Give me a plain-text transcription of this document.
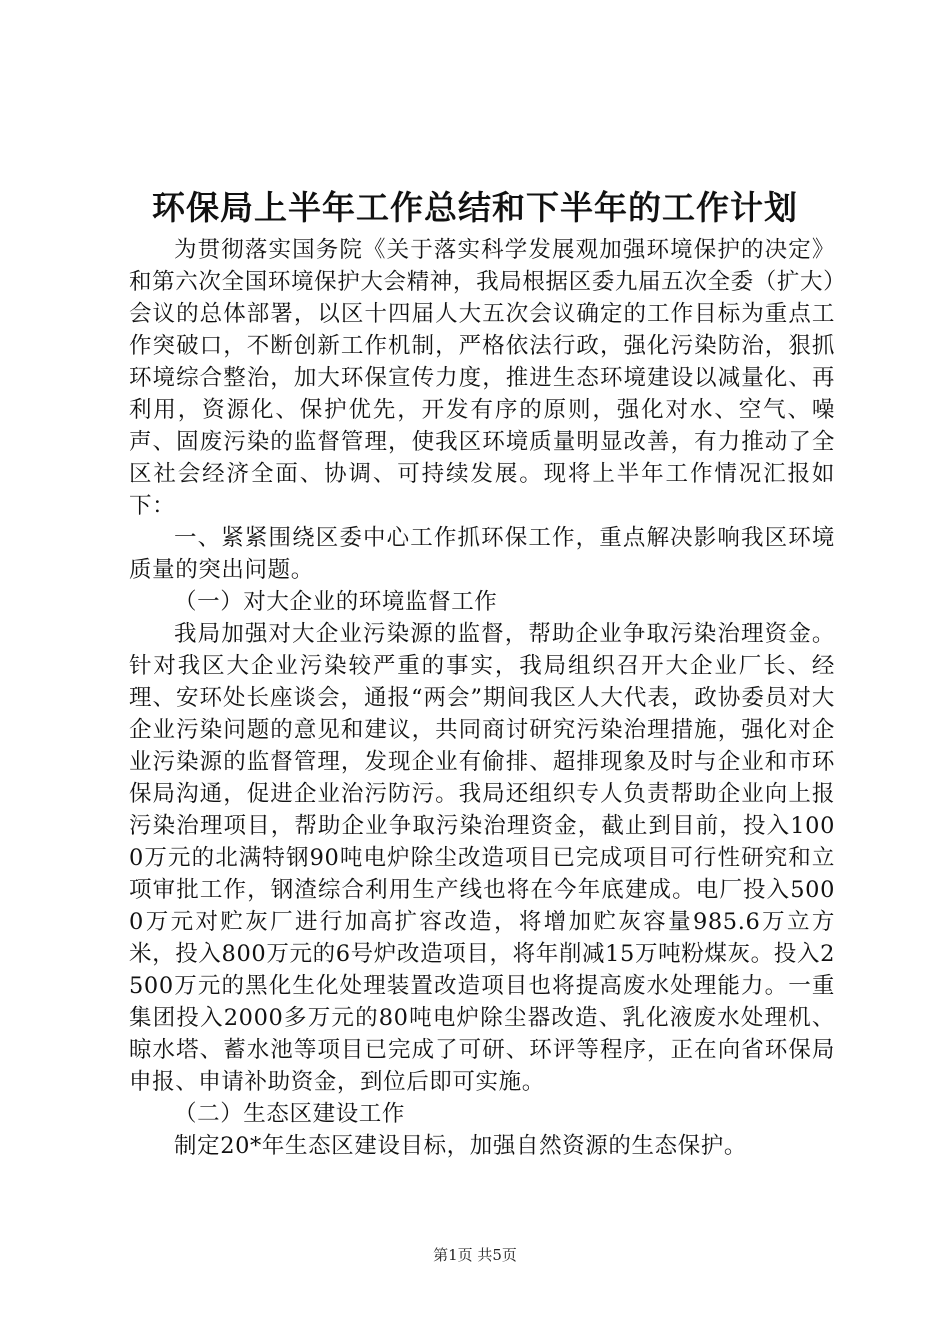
环保局上半年工作总结和下半年的工作计划

为贯彻落实国务院《关于落实科学发展观加强环境保护的决定》和第六次全国环境保护大会精神，我局根据区委九届五次全委（扩大）会议的总体部署，以区十四届人大五次会议确定的工作目标为重点工作突破口，不断创新工作机制，严格依法行政，强化污染防治，狠抓环境综合整治，加大环保宣传力度，推进生态环境建设以减量化、再利用，资源化、保护优先，开发有序的原则，强化对水、空气、噪声、固废污染的监督管理，使我区环境质量明显改善，有力推动了全区社会经济全面、协调、可持续发展。现将上半年工作情况汇报如下：

一、紧紧围绕区委中心工作抓环保工作，重点解决影响我区环境质量的突出问题。

（一）对大企业的环境监督工作

我局加强对大企业污染源的监督，帮助企业争取污染治理资金。针对我区大企业污染较严重的事实，我局组织召开大企业厂长、经理、安环处长座谈会，通报“两会”期间我区人大代表，政协委员对大企业污染问题的意见和建议，共同商讨研究污染治理措施，强化对企业污染源的监督管理，发现企业有偷排、超排现象及时与企业和市环保局沟通，促进企业治污防污。我局还组织专人负责帮助企业向上报污染治理项目，帮助企业争取污染治理资金，截止到目前，投入1000万元的北满特钢90吨电炉除尘改造项目已完成项目可行性研究和立项审批工作，钢渣综合利用生产线也将在今年底建成。电厂投入5000万元对贮灰厂进行加高扩容改造，将增加贮灰容量985.6万立方米，投入800万元的6号炉改造项目，将年削减15万吨粉煤灰。投入2500万元的黑化生化处理装置改造项目也将提高废水处理能力。一重集团投入2000多万元的80吨电炉除尘器改造、乳化液废水处理机、晾水塔、蓄水池等项目已完成了可研、环评等程序，正在向省环保局申报、申请补助资金，到位后即可实施。

（二）生态区建设工作

制定20*年生态区建设目标，加强自然资源的生态保护。

第1页 共5页
